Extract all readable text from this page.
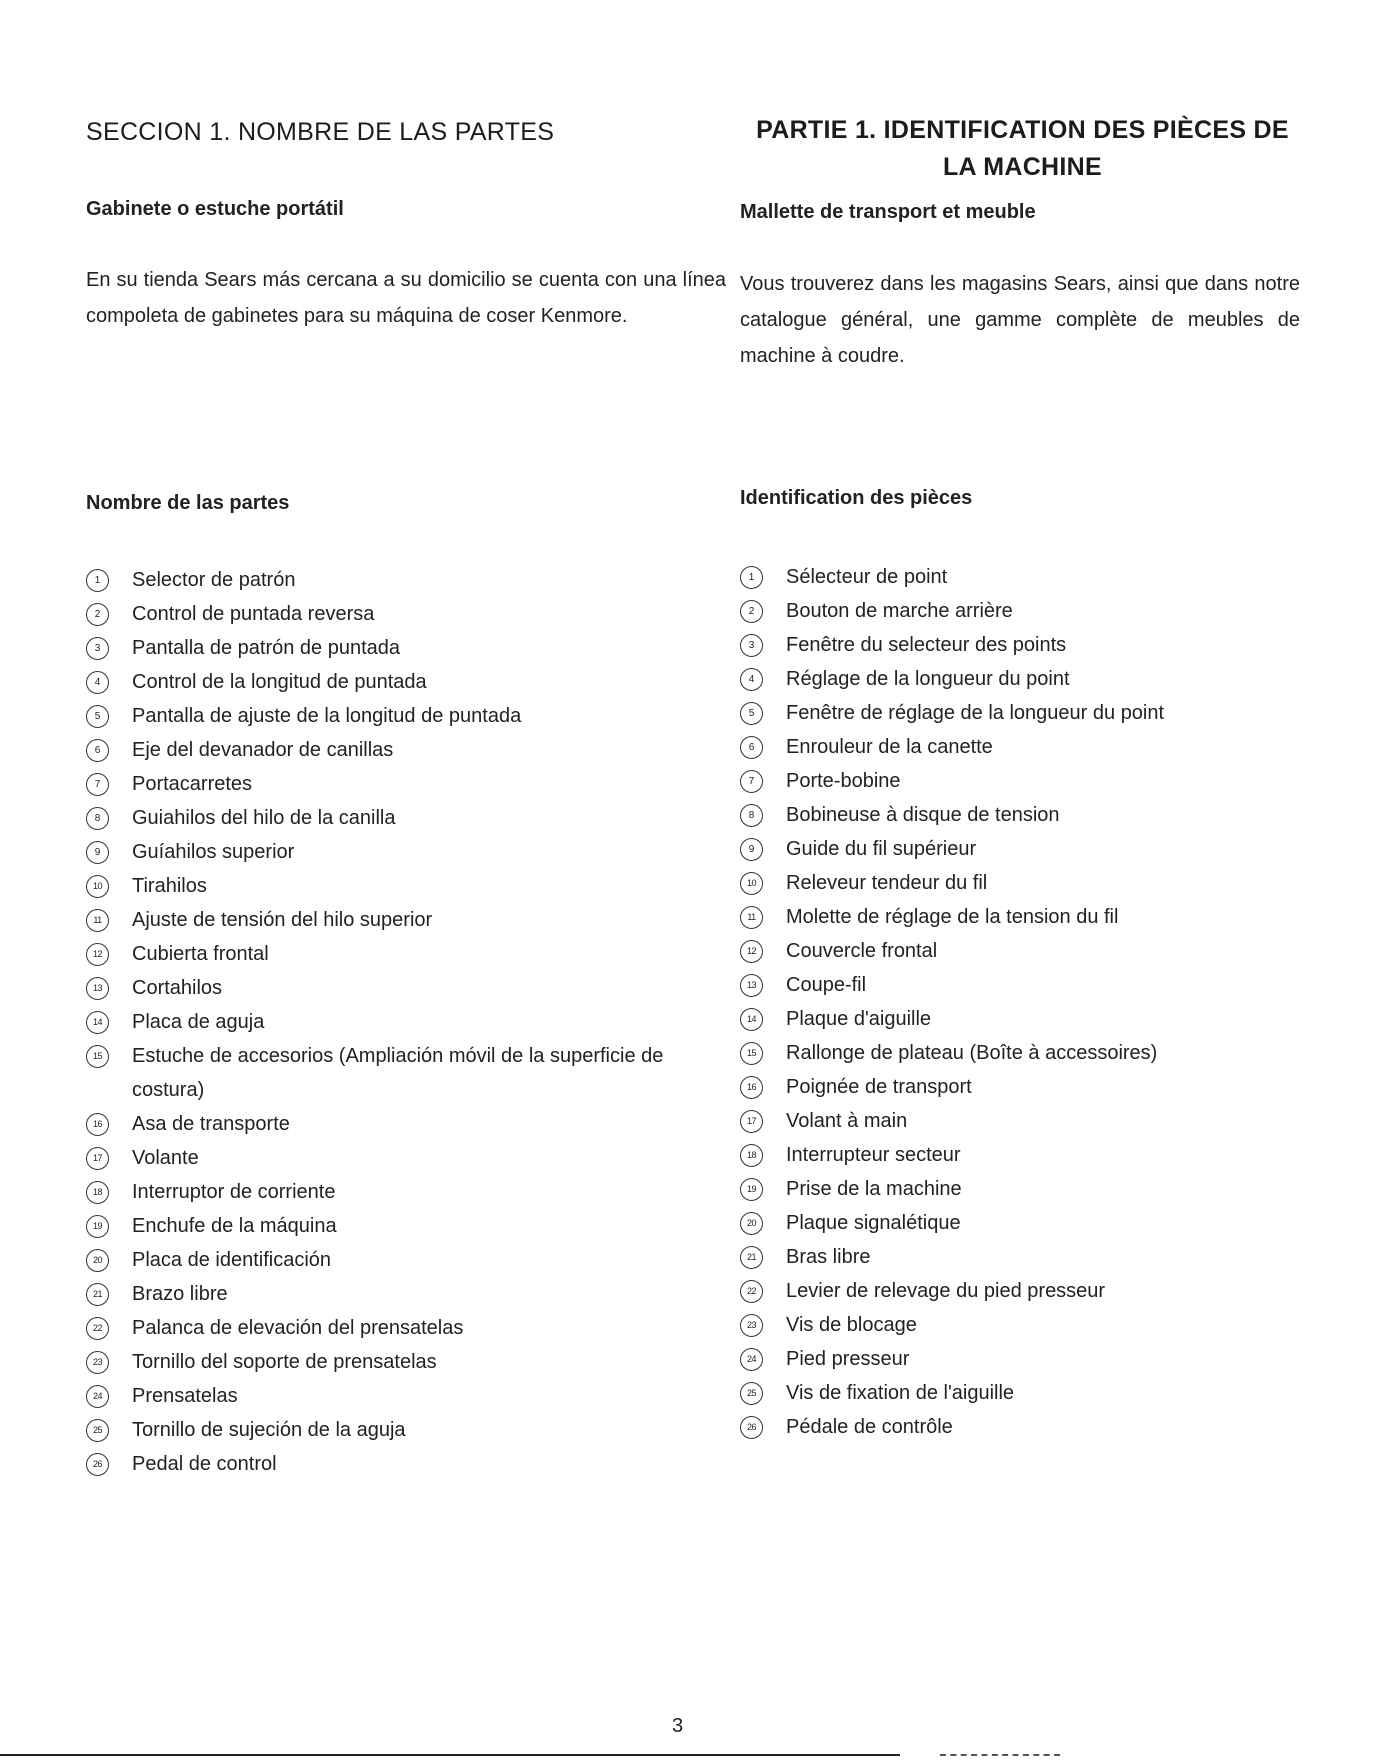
SECCION 1. NOMBRE DE LAS PARTES
Gabinete o estuche portátil

En su tienda Sears más cercana a su domicilio se cuenta con una línea compoleta de gabinetes para su máquina de coser Kenmore.

Nombre de las partes
1	Selector de patrón
2	Control de puntada reversa
3	Pantalla de patrón de puntada
4	Control de la longitud de puntada
5	Pantalla de ajuste de la longitud de puntada
6	Eje del devanador de canillas
7	Portacarretes
8	Guiahilos del hilo de la canilla
9	Guíahilos superior
10	Tirahilos
11	Ajuste de tensión del hilo superior
12	Cubierta frontal
13	Cortahilos
14	Placa de aguja
15	Estuche de accesorios (Ampliación móvil de la superficie de costura)
16	Asa de transporte
17	Volante
18	Interruptor de corriente
19	Enchufe de la máquina
20	Placa de identificación
21	Brazo libre
22	Palanca de elevación del prensatelas
23	Tornillo del soporte de prensatelas
24	Prensatelas
25	Tornillo de sujeción de la aguja
26	Pedal de control
PARTIE 1. IDENTIFICATION DES PIÈCES DE
LA MACHINE
Mallette de transport et meuble

Vous trouverez dans les magasins Sears, ainsi que dans notre catalogue général, une gamme complète de meubles de machine à coudre.

Identification des pièces
1	Sélecteur de point
2	Bouton de marche arrière
3	Fenêtre du selecteur des points
4	Réglage de la longueur du point
5	Fenêtre de réglage de la longueur du point
6	Enrouleur de la canette
7	Porte-bobine
8	Bobineuse à disque de tension
9	Guide du fil supérieur
10	Releveur tendeur du fil
11	Molette de réglage de la tension du fil
12	Couvercle frontal
13	Coupe-fil
14	Plaque d'aiguille
15	Rallonge de plateau (Boîte à accessoires)
16	Poignée de transport
17	Volant à main
18	Interrupteur secteur
19	Prise de la machine
20	Plaque signalétique
21	Bras libre
22	Levier de relevage du pied presseur
23	Vis de blocage
24	Pied presseur
25	Vis de fixation de l'aiguille
26	Pédale de contrôle
3
